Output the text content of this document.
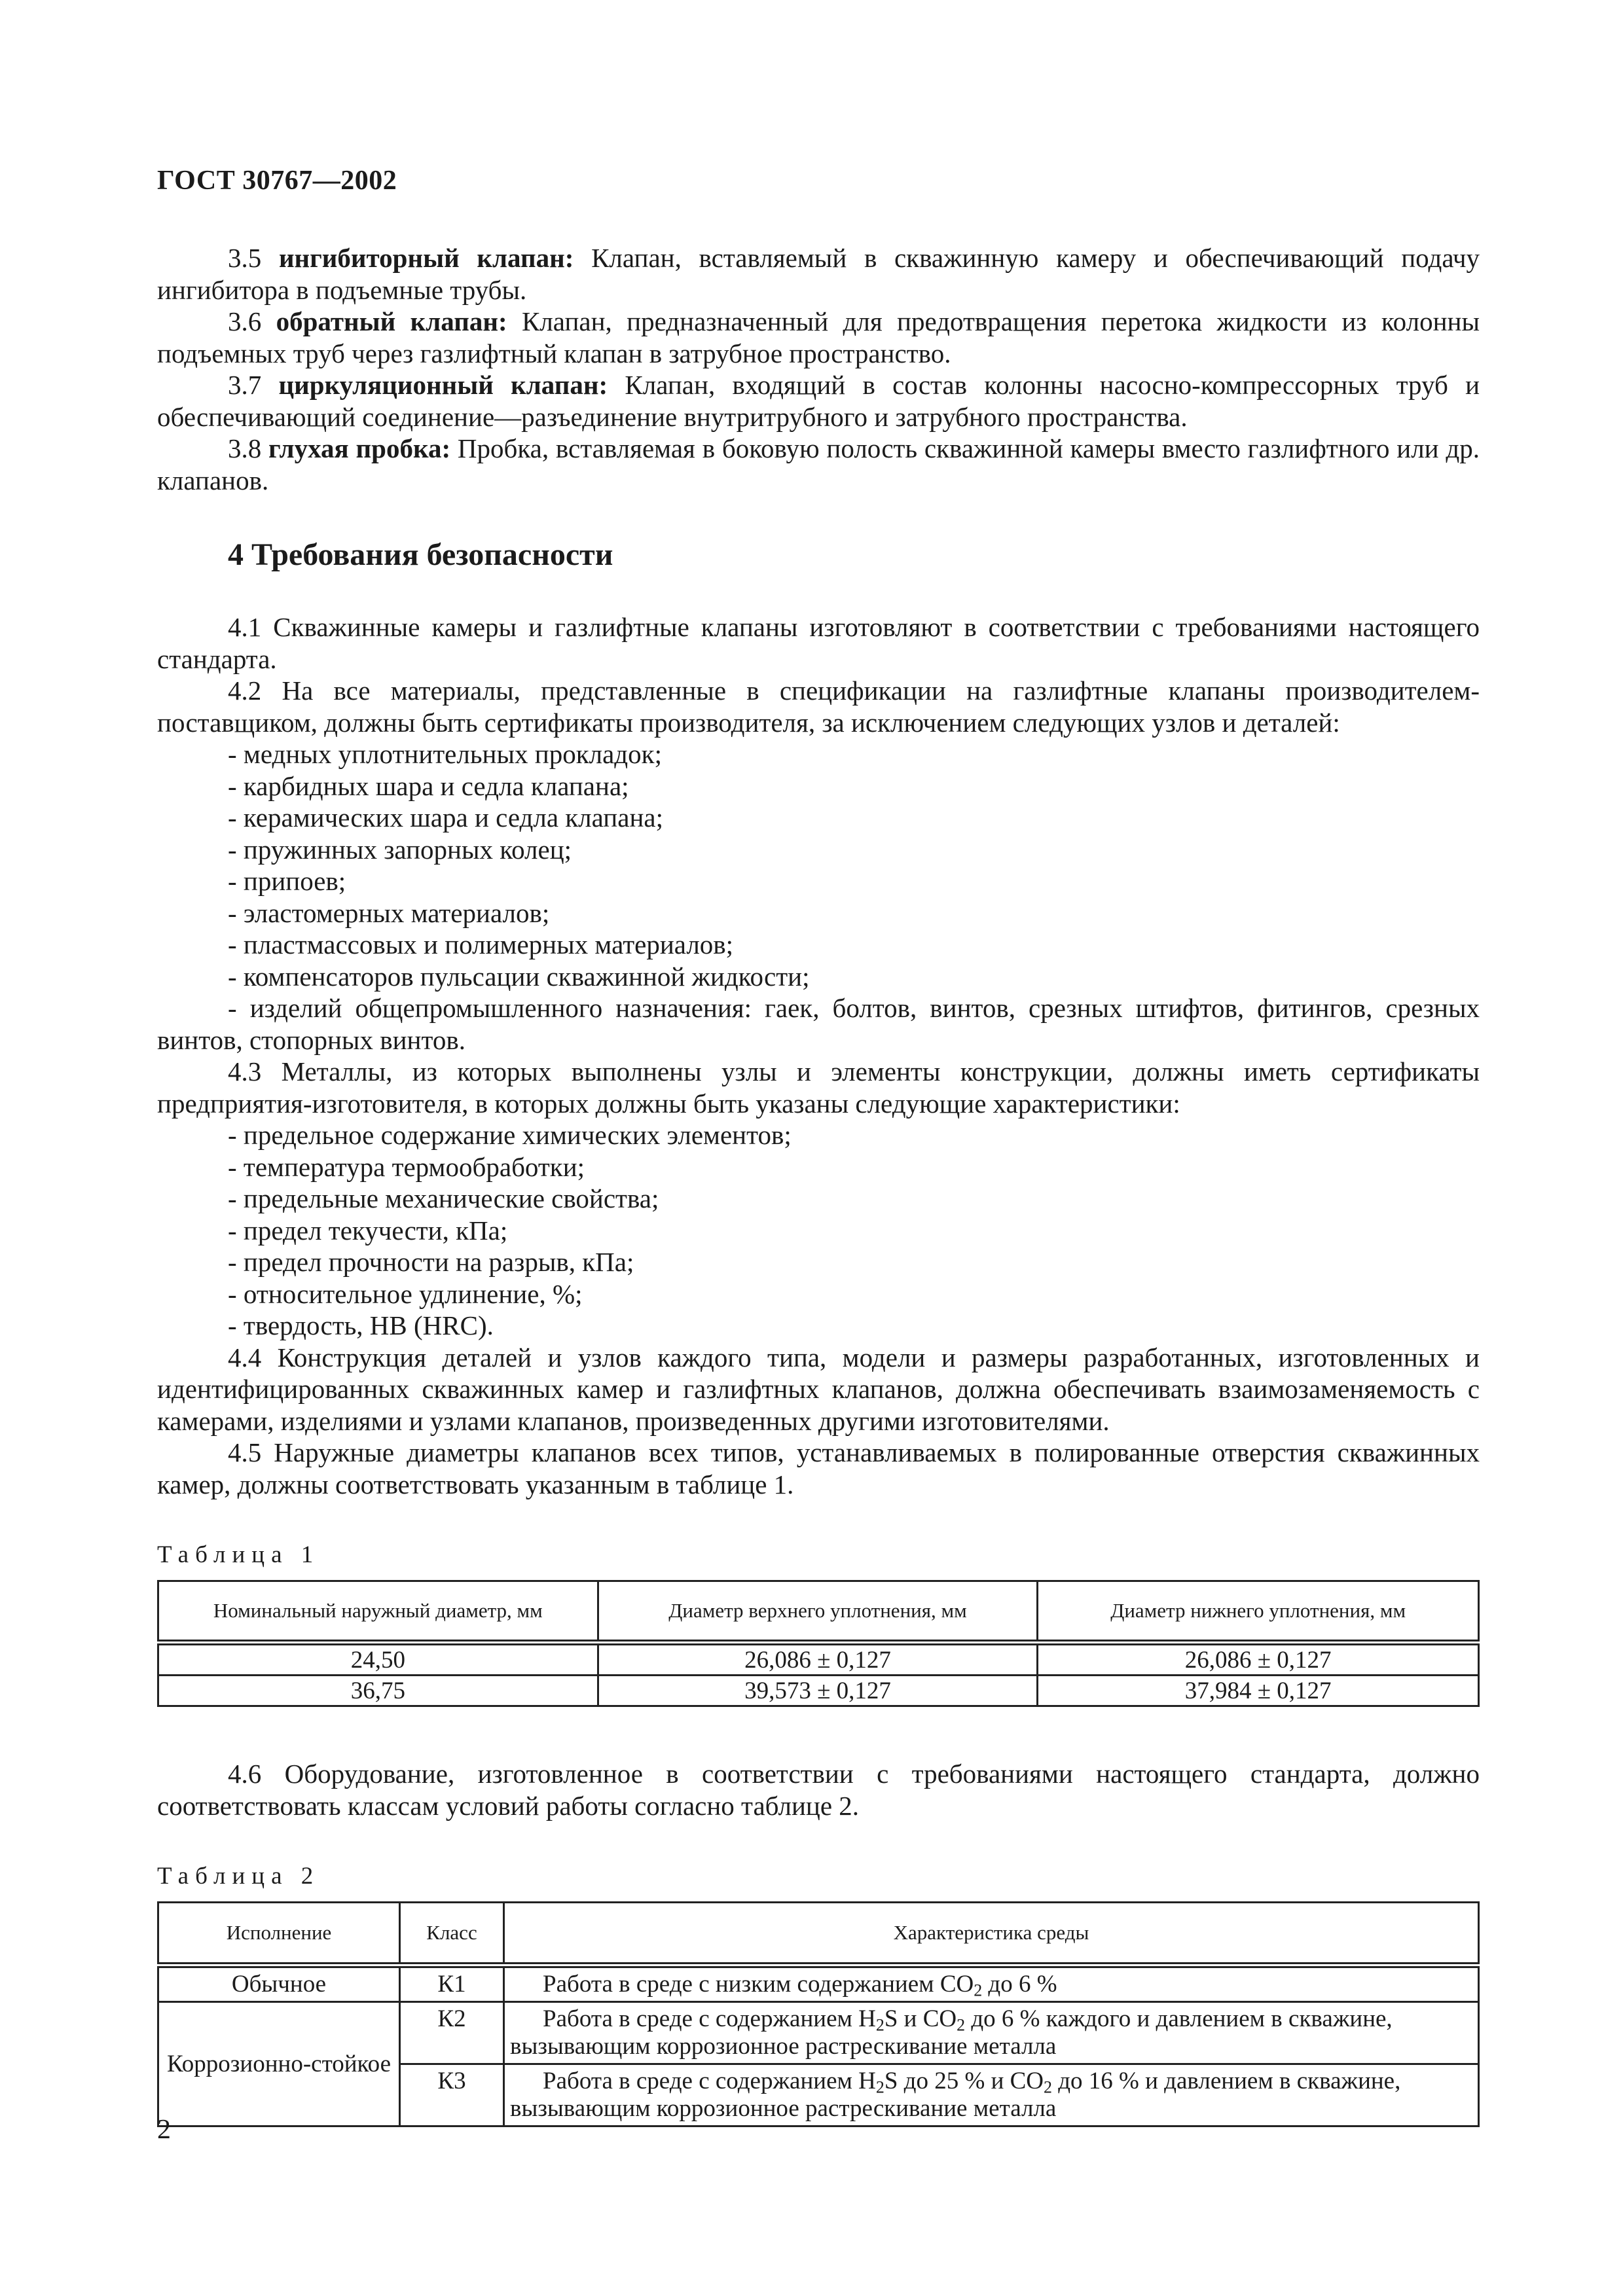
ГОСТ 30767—2002

3.5 ингибиторный клапан: Клапан, вставляемый в скважинную камеру и обеспечивающий подачу ингибитора в подъемные трубы.

3.6 обратный клапан: Клапан, предназначенный для предотвращения перетока жидкости из колонны подъемных труб через газлифтный клапан в затрубное пространство.

3.7 циркуляционный клапан: Клапан, входящий в состав колонны насосно-компрессорных труб и обеспечивающий соединение—разъединение внутритрубного и затрубного пространства.

3.8 глухая пробка: Пробка, вставляемая в боковую полость скважинной камеры вместо газлифтного или др. клапанов.

4 Требования безопасности

4.1 Скважинные камеры и газлифтные клапаны изготовляют в соответствии с требованиями настоящего стандарта.

4.2 На все материалы, представленные в спецификации на газлифтные клапаны производителем-поставщиком, должны быть сертификаты производителя, за исключением следующих узлов и деталей:

- медных уплотнительных прокладок;

- карбидных шара и седла клапана;

- керамических шара и седла клапана;

- пружинных запорных колец;

- припоев;

- эластомерных материалов;

- пластмассовых и полимерных материалов;

- компенсаторов пульсации скважинной жидкости;

- изделий общепромышленного назначения: гаек, болтов, винтов, срезных штифтов, фитингов, срезных винтов, стопорных винтов.

4.3 Металлы, из которых выполнены узлы и элементы конструкции, должны иметь сертификаты предприятия-изготовителя, в которых должны быть указаны следующие характеристики:

- предельное содержание химических элементов;

- температура термообработки;

- предельные механические свойства;

- предел текучести, кПа;

- предел прочности на разрыв, кПа;

- относительное удлинение, %;

- твердость, HB (HRC).

4.4 Конструкция деталей и узлов каждого типа, модели и размеры разработанных, изготовленных и идентифицированных скважинных камер и газлифтных клапанов, должна обеспечивать взаимозаменяемость с камерами, изделиями и узлами клапанов, произведенных другими изготовителями.

4.5 Наружные диаметры клапанов всех типов, устанавливаемых в полированные отверстия скважинных камер, должны соответствовать указанным в таблице 1.

Таблица 1
Номинальный наружный диаметр, мм	Диаметр верхнего уплотнения, мм	Диаметр нижнего уплотнения, мм
24,50	26,086 ± 0,127	26,086 ± 0,127
36,75	39,573 ± 0,127	37,984 ± 0,127

4.6 Оборудование, изготовленное в соответствии с требованиями настоящего стандарта, должно соответствовать классам условий работы согласно таблице 2.

Таблица 2
Исполнение	Класс	Характеристика среды
Обычное	К1	Работа в среде с низким содержанием $СО_2$ до 6 %
Коррозионно-стойкое	К2	Работа в среде с содержанием $H_2S$ и $СО_2$ до 6 % каждого и давлением в скважине, вызывающим коррозионное растрескивание металла
	К3	Работа в среде с содержанием $H_2S$ до 25 % и $СО_2$ до 16 % и давлением в скважине, вызывающим коррозионное растрескивание металла
2
